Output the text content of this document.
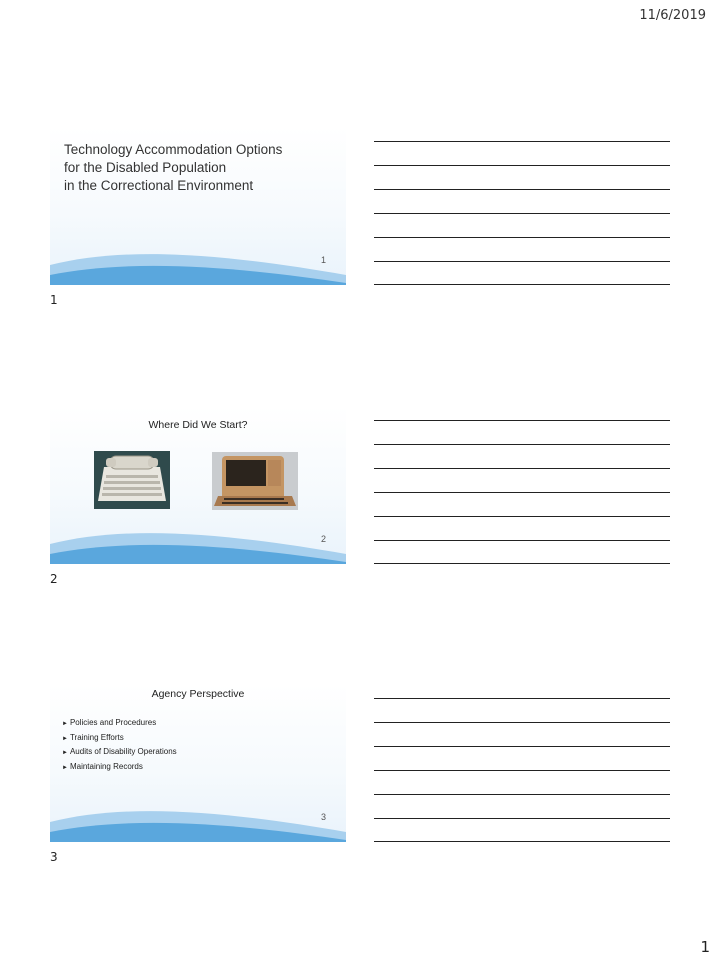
11/6/2019
Technology Accommodation Options
for the Disabled Population
in the Correctional Environment
1
1
Where Did We Start?
2
2
Agency Perspective
► Policies and Procedures
► Training Efforts
► Audits of Disability Operations
► Maintaining Records
3
3
1
